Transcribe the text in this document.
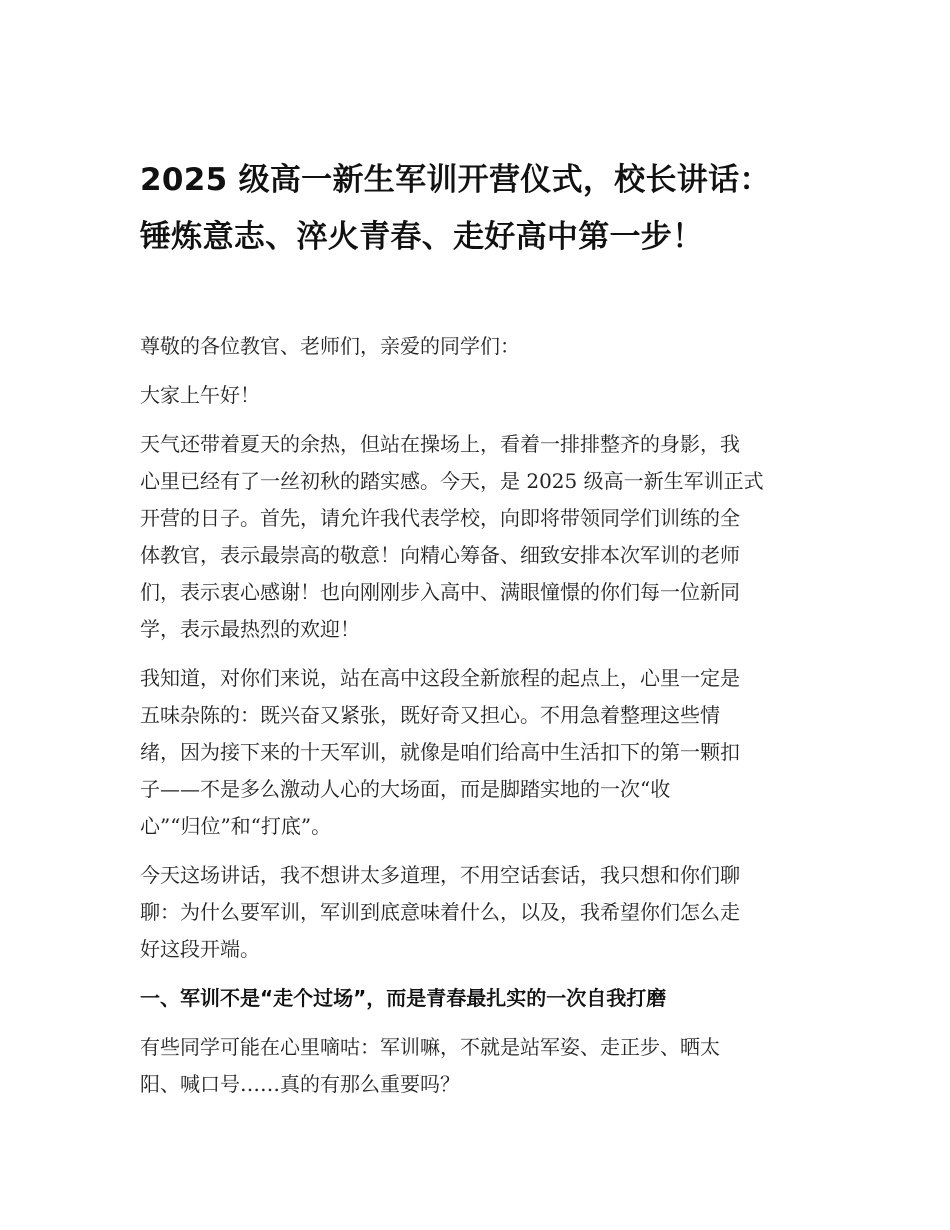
2025 级高一新生军训开营仪式，校长讲话：
锤炼意志、淬火青春、走好高中第一步！

尊敬的各位教官、老师们，亲爱的同学们：

大家上午好！

天气还带着夏天的余热，但站在操场上，看着一排排整齐的身影，我
心里已经有了一丝初秋的踏实感。今天，是 2025 级高一新生军训正式
开营的日子。首先，请允许我代表学校，向即将带领同学们训练的全
体教官，表示最崇高的敬意！向精心筹备、细致安排本次军训的老师
们，表示衷心感谢！也向刚刚步入高中、满眼憧憬的你们每一位新同
学，表示最热烈的欢迎！

我知道，对你们来说，站在高中这段全新旅程的起点上，心里一定是
五味杂陈的：既兴奋又紧张，既好奇又担心。不用急着整理这些情
绪，因为接下来的十天军训，就像是咱们给高中生活扣下的第一颗扣
子——不是多么激动人心的大场面，而是脚踏实地的一次“收
心”“归位”和“打底”。

今天这场讲话，我不想讲太多道理，不用空话套话，我只想和你们聊
聊：为什么要军训，军训到底意味着什么，以及，我希望你们怎么走
好这段开端。

一、军训不是“走个过场”，而是青春最扎实的一次自我打磨

有些同学可能在心里嘀咕：军训嘛，不就是站军姿、走正步、晒太
阳、喊口号……真的有那么重要吗？
